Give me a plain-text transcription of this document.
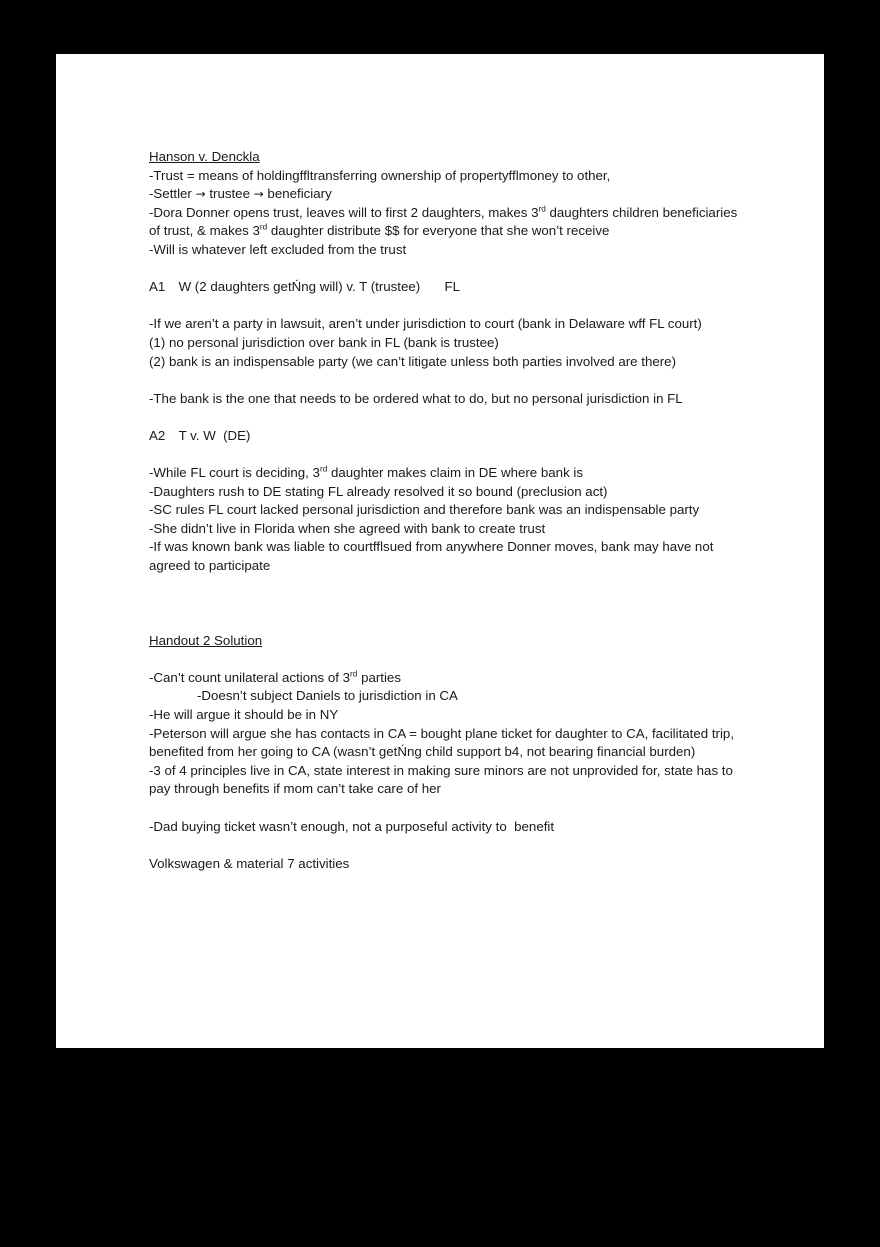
Hanson v. Denckla

-Trust = means of holdingffltransferring ownership of propertyfflmoney to other,

-Settler → trustee → beneficiary

-Dora Donner opens trust, leaves will to first 2 daughters, makes 3rd daughters children beneficiaries of trust, & makes 3rd daughter distribute $$ for everyone that she won’t receive

-Will is whatever left excluded from the trust

A1	W (2 daughters getŃng will) v. T (trustee)	FL

-If we aren’t a party in lawsuit, aren’t under jurisdiction to court (bank in Delaware wff FL court)

(1) no personal jurisdiction over bank in FL (bank is trustee)

(2) bank is an indispensable party (we can’t litigate unless both parties involved are there)

-The bank is the one that needs to be ordered what to do, but no personal jurisdiction in FL

A2	T v. W  (DE)

-While FL court is deciding, 3rd daughter makes claim in DE where bank is

-Daughters rush to DE stating FL already resolved it so bound (preclusion act)

-SC rules FL court lacked personal jurisdiction and therefore bank was an indispensable party

-She didn’t live in Florida when she agreed with bank to create trust

-If was known bank was liable to courtfflsued from anywhere Donner moves, bank may have not agreed to participate

Handout 2 Solution

-Can’t count unilateral actions of 3rd parties

-Doesn’t subject Daniels to jurisdiction in CA

-He will argue it should be in NY

-Peterson will argue she has contacts in CA = bought plane ticket for daughter to CA, facilitated trip, benefited from her going to CA (wasn’t getŃng child support b4, not bearing financial burden)

-3 of 4 principles live in CA, state interest in making sure minors are not unprovided for, state has to pay through benefits if mom can’t take care of her

-Dad buying ticket wasn’t enough, not a purposeful activity to  benefit

Volkswagen & material 7 activities
